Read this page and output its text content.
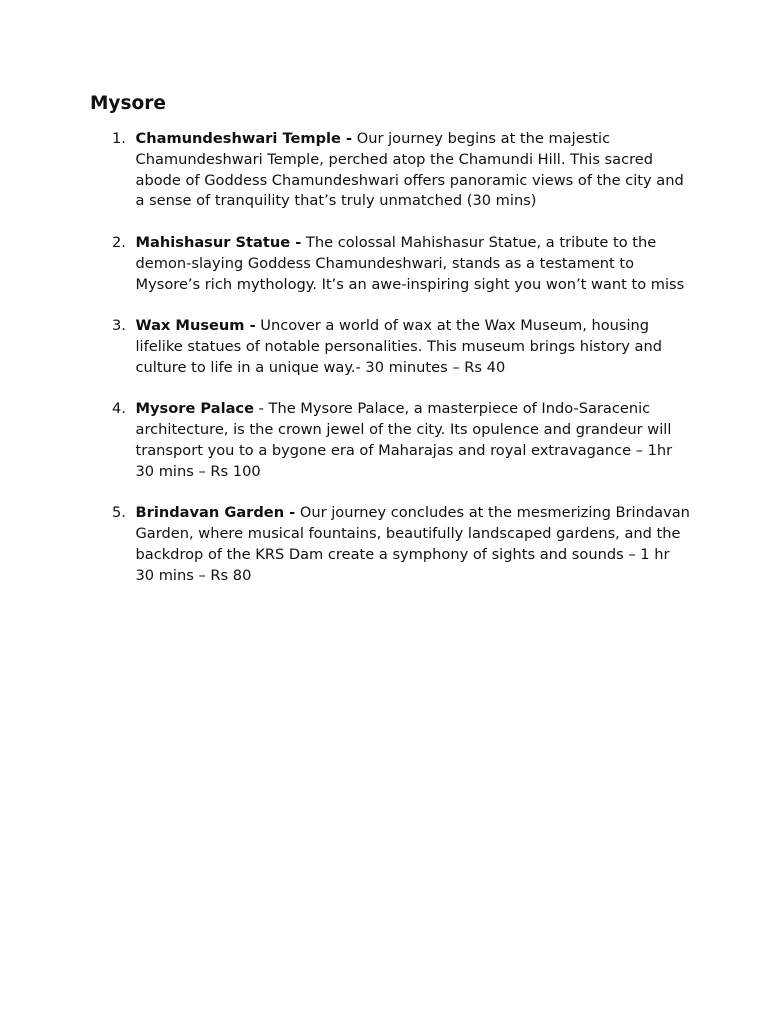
Mysore
1. Chamundeshwari Temple - Our journey begins at the majestic Chamundeshwari Temple, perched atop the Chamundi Hill. This sacred abode of Goddess Chamundeshwari offers panoramic views of the city and a sense of tranquility that’s truly unmatched (30 mins)
2. Mahishasur Statue - The colossal Mahishasur Statue, a tribute to the demon-slaying Goddess Chamundeshwari, stands as a testament to Mysore’s rich mythology. It’s an awe-inspiring sight you won’t want to miss
3. Wax Museum - Uncover a world of wax at the Wax Museum, housing lifelike statues of notable personalities. This museum brings history and culture to life in a unique way.- 30 minutes – Rs 40
4. Mysore Palace - The Mysore Palace, a masterpiece of Indo-Saracenic architecture, is the crown jewel of the city. Its opulence and grandeur will transport you to a bygone era of Maharajas and royal extravagance – 1hr 30 mins – Rs 100
5. Brindavan Garden - Our journey concludes at the mesmerizing Brindavan Garden, where musical fountains, beautifully landscaped gardens, and the backdrop of the KRS Dam create a symphony of sights and sounds – 1 hr 30 mins – Rs 80
